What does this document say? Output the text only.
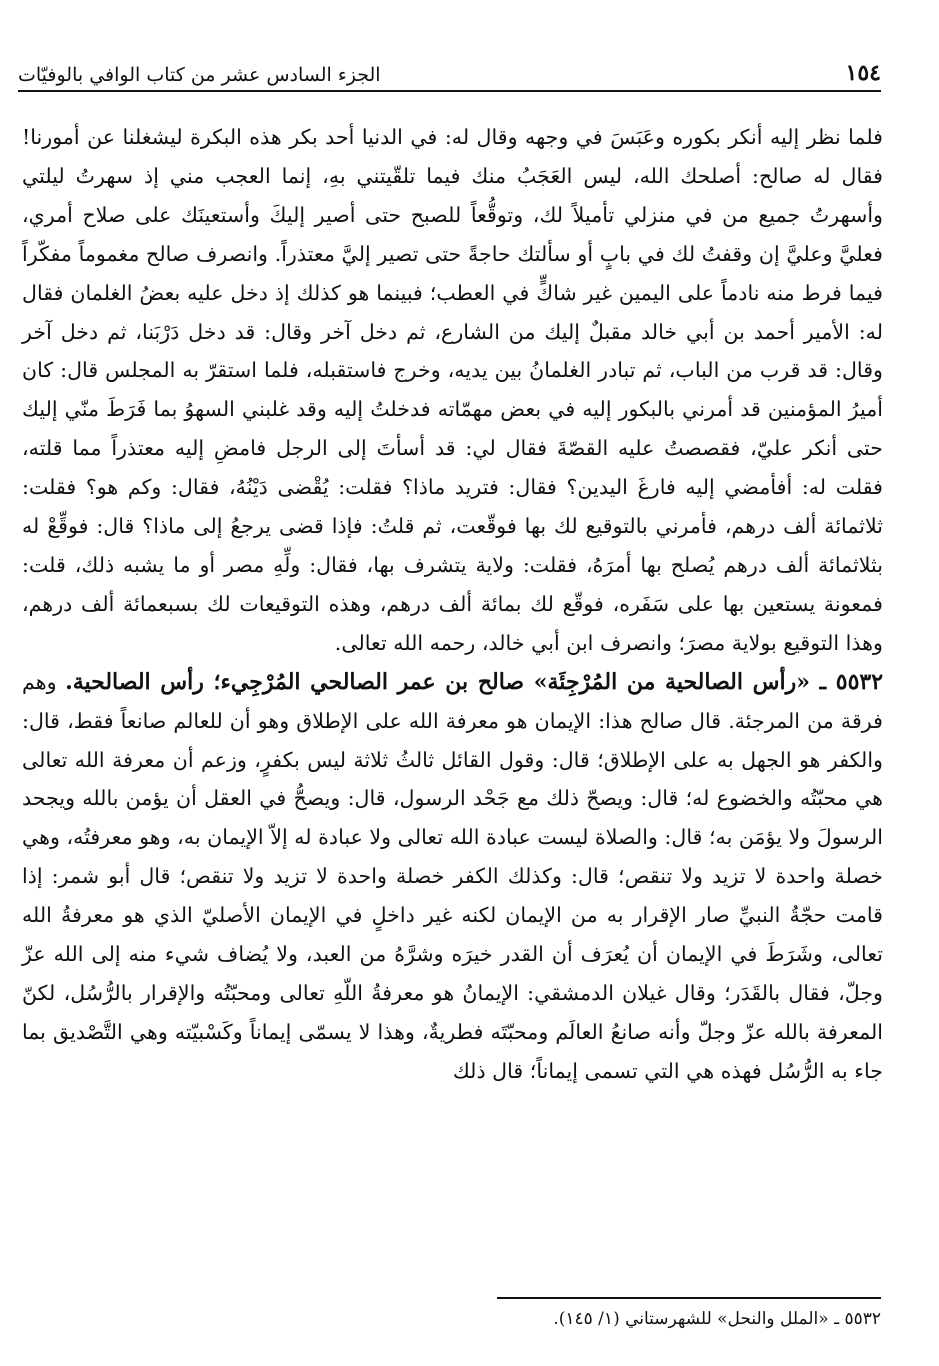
١٥٤
الجزء السادس عشر من كتاب الوافي بالوفيّات

فلما نظر إليه أنكر بكوره وعَبَسَ في وجهه وقال له: في الدنيا أحد بكر هذه البكرة ليشغلنا عن أمورنا! فقال له صالح: أصلحك الله، ليس العَجَبُ منك فيما تلقّيتني بهِ، إنما العجب مني إذ سهرتُ ليلتي وأسهرتُ جميع من في منزلي تأميلاً لك، وتوقُّعاً للصبح حتى أصير إليكَ وأستعينَك على صلاح أمري، فعليَّ وعليَّ إن وقفتُ لك في بابٍ أو سألتك حاجةً حتى تصير إليَّ معتذراً. وانصرف صالح مغموماً مفكّراً فيما فرط منه نادماً على اليمين غير شاكٍّ في العطب؛ فبينما هو كذلك إذ دخل عليه بعضُ الغلمان فقال له: الأمير أحمد بن أبي خالد مقبلٌ إليك من الشارع، ثم دخل آخر وقال: قد دخل دَرْبَنا، ثم دخل آخر وقال: قد قرب من الباب، ثم تبادر الغلمانُ بين يديه، وخرج فاستقبله، فلما استقرّ به المجلس قال: كان أميرُ المؤمنين قد أمرني بالبكور إليه في بعض مهمّاته فدخلتُ إليه وقد غلبني السهوُ بما فَرَطَ منّي إليك حتى أنكر عليّ، فقصصتُ عليه القصّةَ فقال لي: قد أسأتَ إلى الرجل فامضِ إليه معتذراً مما قلته، فقلت له: أفأمضي إليه فارغَ اليدين؟ فقال: فتريد ماذا؟ فقلت: يُقْضى دَيْنُهُ، فقال: وكم هو؟ فقلت: ثلاثمائة ألف درهم، فأمرني بالتوقيع لك بها فوقّعت، ثم قلتُ: فإذا قضى يرجعُ إلى ماذا؟ قال: فوقِّعْ له بثلاثمائة ألف درهم يُصلح بها أمرَهُ، فقلت: ولاية يتشرف بها، فقال: ولِّهِ مصر أو ما يشبه ذلك، قلت: فمعونة يستعين بها على سَفَره، فوقّع لك بمائة ألف درهم، وهذه التوقيعات لك بسبعمائة ألف درهم، وهذا التوقيع بولاية مصرَ؛ وانصرف ابن أبي خالد، رحمه الله تعالى.

٥٥٣٢ ـ «رأس الصالحية من المُرْجِئَة» صالح بن عمر الصالحي المُرْجِيء؛ رأس الصالحية. وهم فرقة من المرجئة. قال صالح هذا: الإيمان هو معرفة الله على الإطلاق وهو أن للعالم صانعاً فقط، قال: والكفر هو الجهل به على الإطلاق؛ قال: وقول القائل ثالثُ ثلاثة ليس بكفرٍ، وزعم أن معرفة الله تعالى هي محبّتُه والخضوع له؛ قال: ويصحّ ذلك مع جَحْد الرسول، قال: ويصحُّ في العقل أن يؤمن بالله ويجحد الرسولَ ولا يؤمَن به؛ قال: والصلاة ليست عبادة الله تعالى ولا عبادة له إلاّ الإيمان به، وهو معرفتُه، وهي خصلة واحدة لا تزيد ولا تنقص؛ قال: وكذلك الكفر خصلة واحدة لا تزيد ولا تنقص؛ قال أبو شمر: إذا قامت حجّةُ النبيِّ صار الإقرار به من الإيمان لكنه غير داخلٍ في الإيمان الأصليّ الذي هو معرفةُ الله تعالى، وشَرَطَ في الإيمان أن يُعرَف أن القدر خيرَه وشرَّهُ من العبد، ولا يُضاف شيء منه إلى الله عزّ وجلّ، فقال بالقَدَر؛ وقال غيلان الدمشقي: الإيمانُ هو معرفةُ اللّهِ تعالى ومحبّتُه والإقرار بالرُّسُل، لكنّ المعرفة بالله عزّ وجلّ وأنه صانعُ العالَم ومحبّتَه فطريةٌ، وهذا لا يسمّى إيماناً وكَسْبيّته وهي التَّصْديق بما جاء به الرُّسُل فهذه هي التي تسمى إيماناً؛ قال ذلك

٥٥٣٢ ـ «الملل والنحل» للشهرستاني (١/ ١٤٥).
